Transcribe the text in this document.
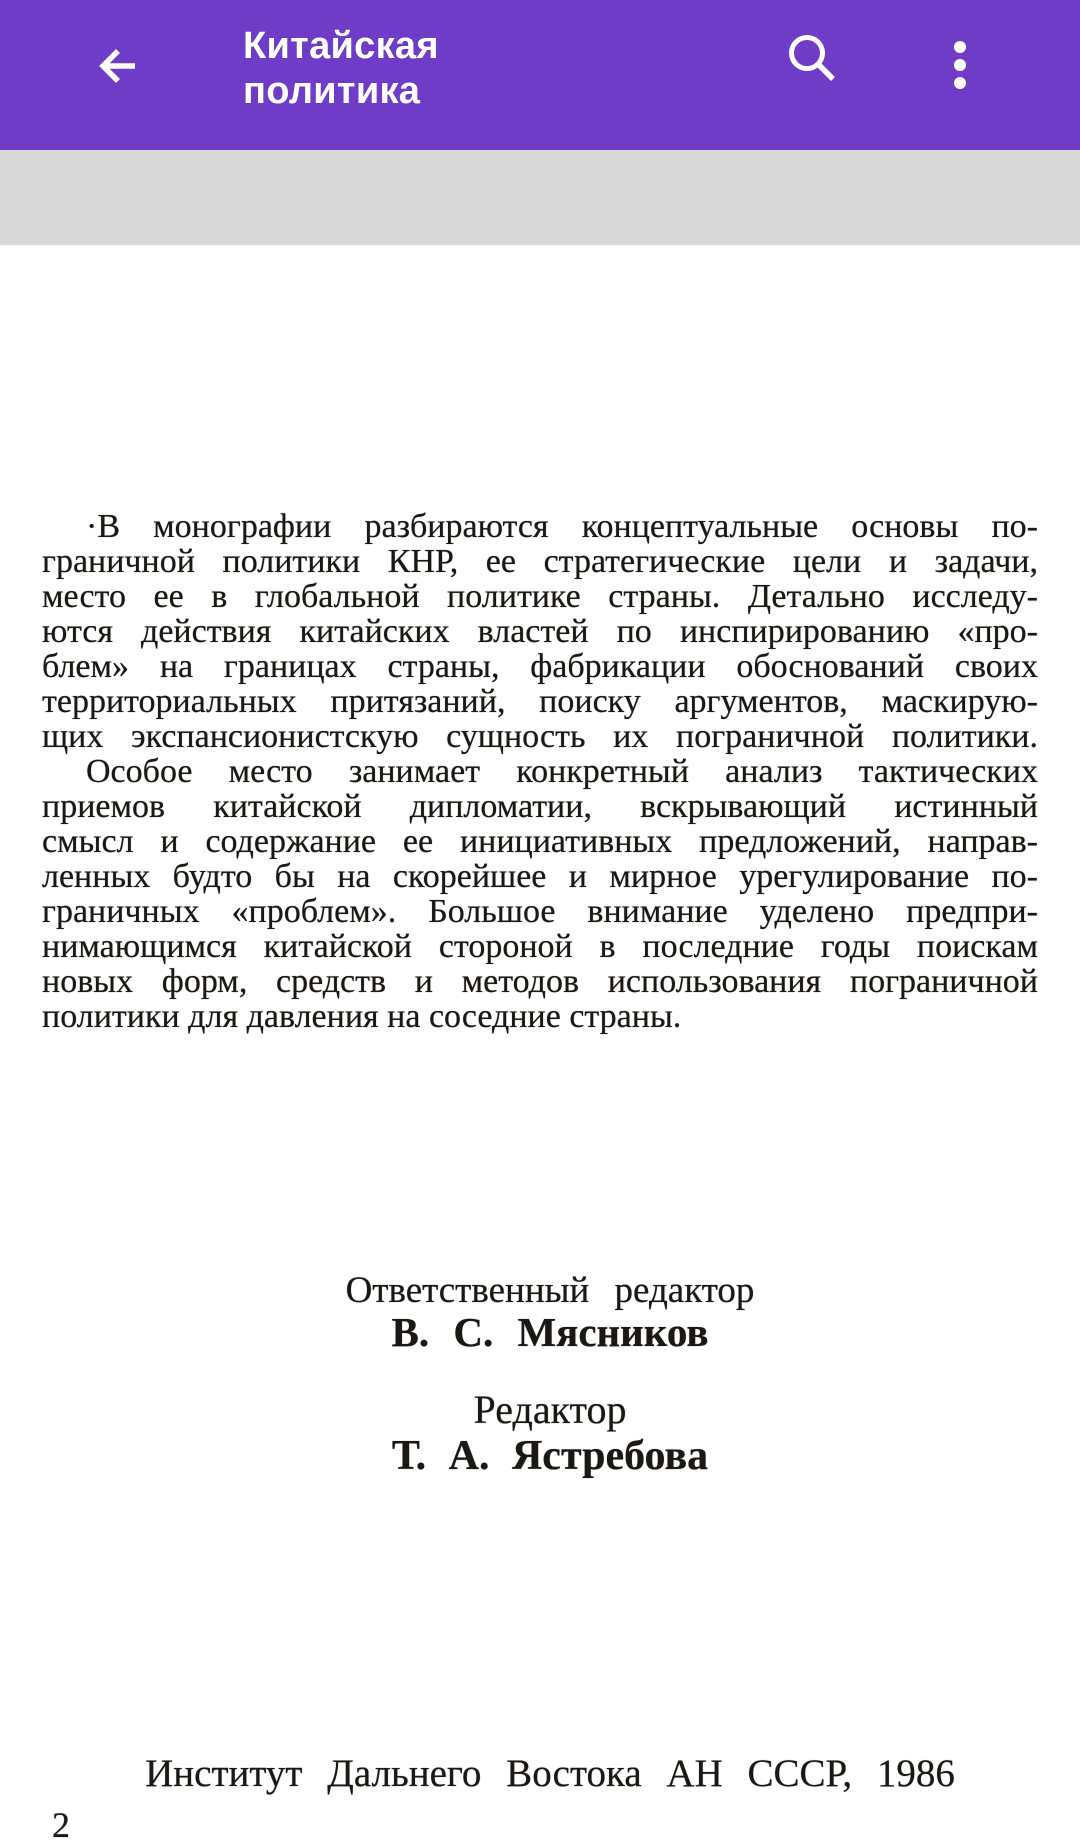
Китайская политика

·В монографии разбираются концептуальные основы по-

граничной политики КНР, ее стратегические цели и задачи,

место ее в глобальной политике страны. Детально исследу-

ются действия китайских властей по инспирированию «про-

блем» на границах страны, фабрикации обоснований своих

территориальных притязаний, поиску аргументов, маскирую-

щих экспансионистскую сущность их пограничной политики.

Особое место занимает конкретный анализ тактических

приемов китайской дипломатии, вскрывающий истинный

смысл и содержание ее инициативных предложений, направ-

ленных будто бы на скорейшее и мирное урегулирование по-

граничных «проблем». Большое внимание уделено предпри-

нимающимся китайской стороной в последние годы поискам

новых форм, средств и методов использования пограничной

политики для давления на соседние страны.

Ответственный редактор

В. С. Мясников

Редактор

Т. А. Ястребова

Институт Дальнего Востока АН СССР, 1986

2
